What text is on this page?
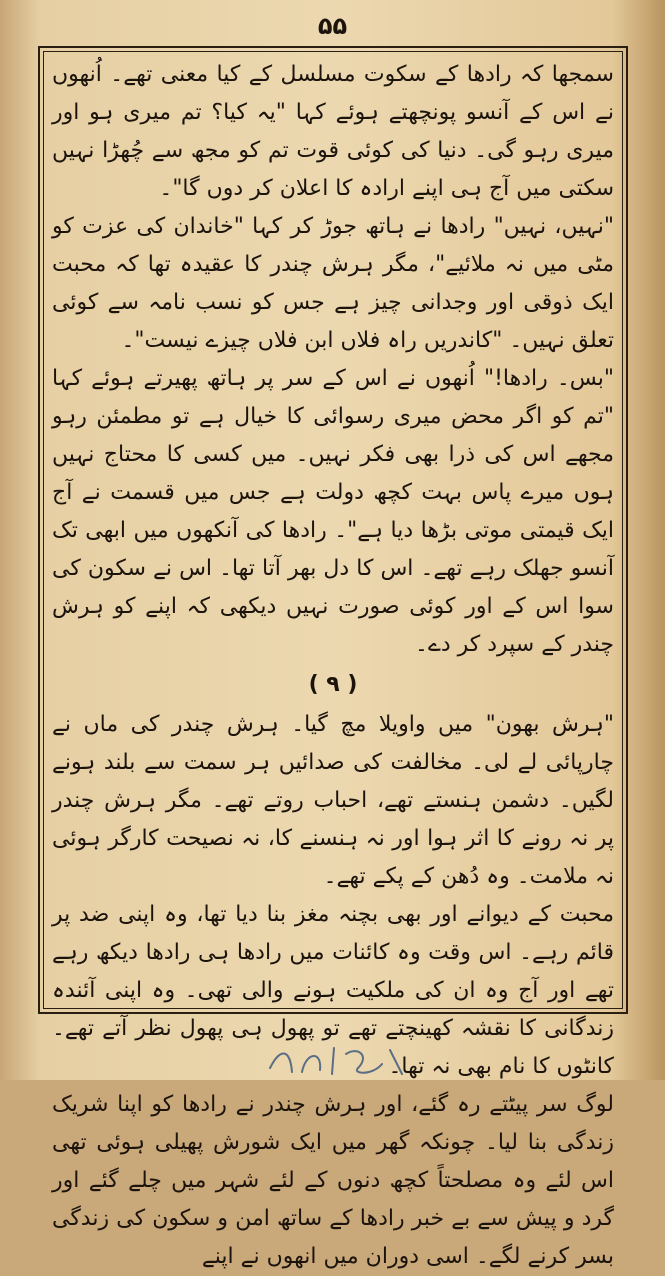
۵۵

سمجھا کہ رادھا کے سکوت مسلسل کے کیا معنی تھے۔ اُنھوں نے اس کے آنسو پونچھتے ہوئے کہا "یہ کیا؟ تم میری ہو اور میری رہو گی۔ دنیا کی کوئی قوت تم کو مجھ سے چُھڑا نہیں سکتی میں آج ہی اپنے ارادہ کا اعلان کر دوں گا"۔

"نہیں، نہیں" رادھا نے ہاتھ جوڑ کر کہا "خاندان کی عزت کو مٹی میں نہ ملائیے"، مگر ہرش چندر کا عقیدہ تھا کہ محبت ایک ذوقی اور وجدانی چیز ہے جس کو نسب نامہ سے کوئی تعلق نہیں۔ "کاندریں راہ فلاں ابن فلاں چیزے نیست"۔

"بس۔ رادھا!" اُنھوں نے اس کے سر پر ہاتھ پھیرتے ہوئے کہا "تم کو اگر محض میری رسوائی کا خیال ہے تو مطمئن رہو مجھے اس کی ذرا بھی فکر نہیں۔ میں کسی کا محتاج نہیں ہوں میرے پاس بہت کچھ دولت ہے جس میں قسمت نے آج ایک قیمتی موتی بڑھا دیا ہے"۔ رادھا کی آنکھوں میں ابھی تک آنسو جھلک رہے تھے۔ اس کا دل بھر آتا تھا۔ اس نے سکون کی سوا اس کے اور کوئی صورت نہیں دیکھی کہ اپنے کو ہرش چندر کے سپرد کر دے۔

( ۹ )

"ہرش بھون" میں واویلا مچ گیا۔ ہرش چندر کی ماں نے چارپائی لے لی۔ مخالفت کی صدائیں ہر سمت سے بلند ہونے لگیں۔ دشمن ہنستے تھے، احباب روتے تھے۔ مگر ہرش چندر پر نہ رونے کا اثر ہوا اور نہ ہنسنے کا، نہ نصیحت کارگر ہوئی نہ ملامت۔ وہ دُھن کے پکے تھے۔

محبت کے دیوانے اور بھی بچنہ مغز بنا دیا تھا، وہ اپنی ضد پر قائم رہے۔ اس وقت وہ کائنات میں رادھا ہی رادھا دیکھ رہے تھے اور آج وہ ان کی ملکیت ہونے والی تھی۔ وہ اپنی آئندہ زندگانی کا نقشہ کھینچتے تھے تو پھول ہی پھول نظر آتے تھے۔ کانٹوں کا نام بھی نہ تھا۔

لوگ سر پیٹتے رہ گئے، اور ہرش چندر نے رادھا کو اپنا شریک زندگی بنا لیا۔ چونکہ گھر میں ایک شورش پھیلی ہوئی تھی اس لئے وہ مصلحتاً کچھ دنوں کے لئے شہر میں چلے گئے اور گرد و پیش سے بے خبر رادھا کے ساتھ امن و سکون کی زندگی بسر کرنے لگے۔ اسی دوران میں انھوں نے اپنے
